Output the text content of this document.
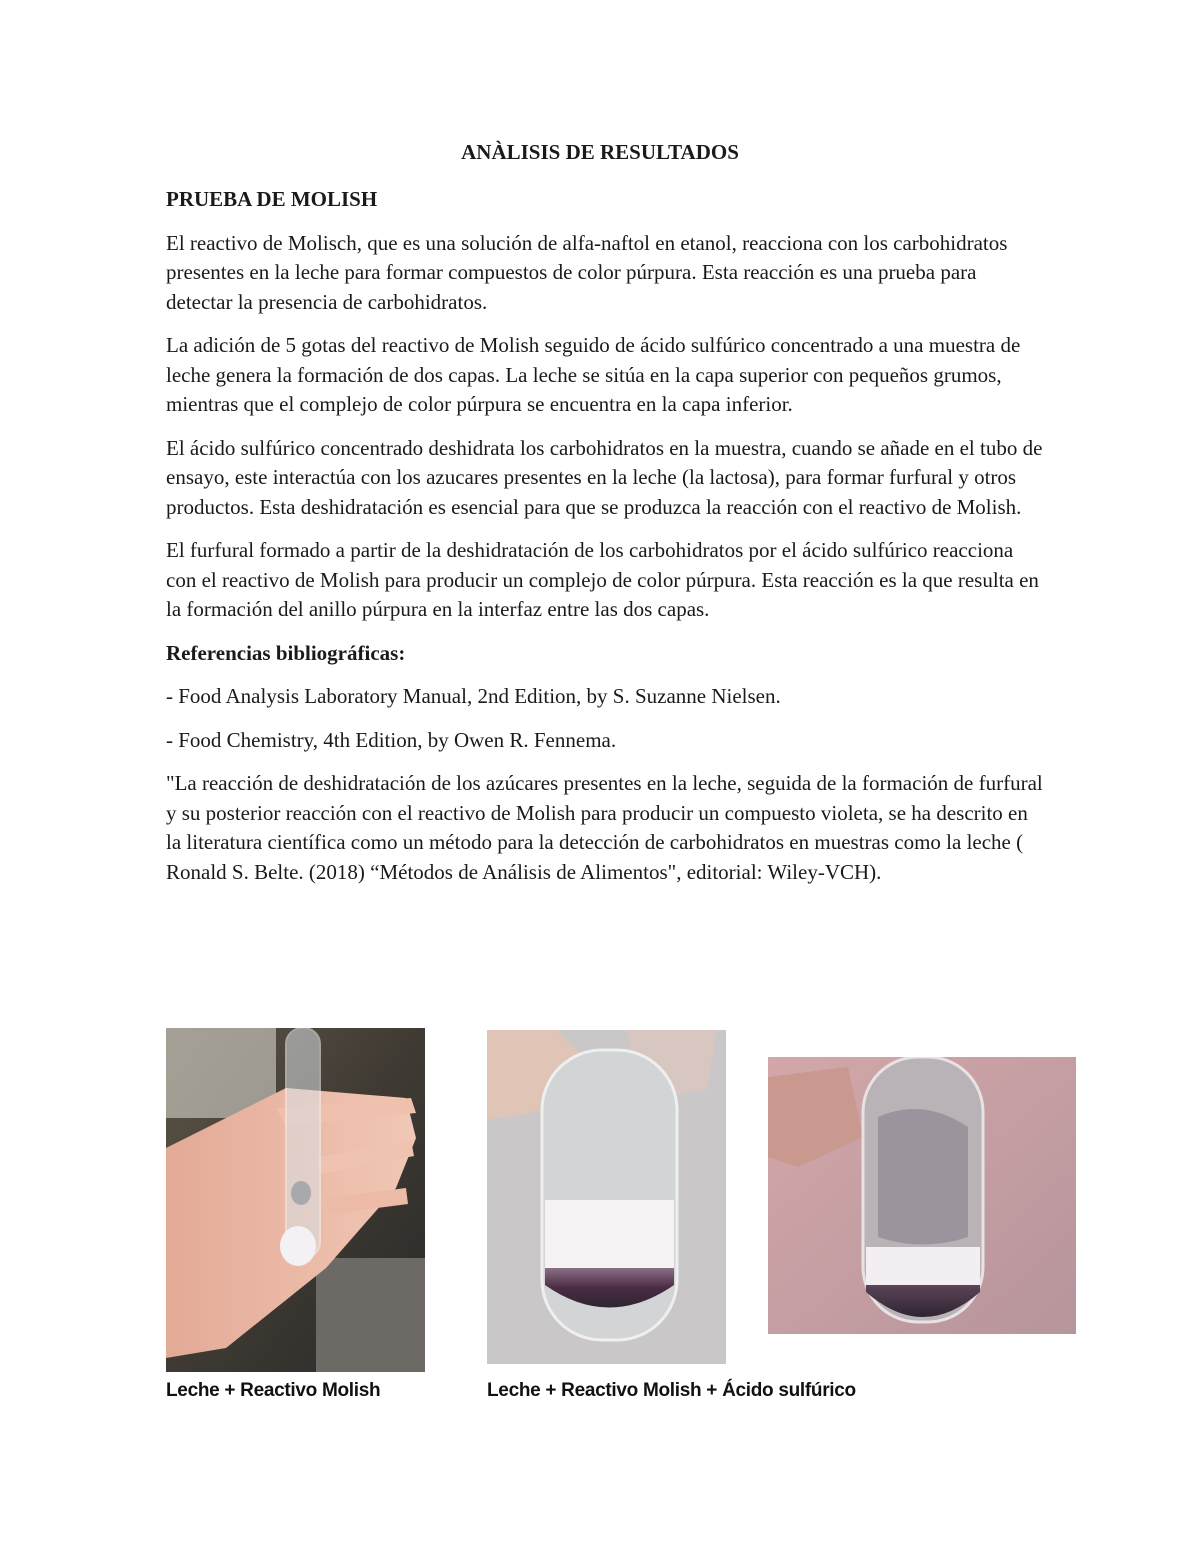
ANÀLISIS DE RESULTADOS

PRUEBA DE MOLISH

El reactivo de Molisch, que es una solución de alfa-naftol en etanol, reacciona con los carbohidratos presentes en la leche para formar compuestos de color púrpura. Esta reacción es una prueba para detectar la presencia de carbohidratos.

La adición de 5 gotas del reactivo de Molish seguido de ácido sulfúrico concentrado a una muestra de leche genera la formación de dos capas. La leche se sitúa en la capa superior con pequeños grumos, mientras que el complejo de color púrpura se encuentra en la capa inferior.

El ácido sulfúrico concentrado deshidrata los carbohidratos en la muestra, cuando se añade en el tubo de ensayo, este interactúa con los azucares presentes en la leche (la lactosa), para formar furfural y otros productos. Esta deshidratación es esencial para que se produzca la reacción con el reactivo de Molish.

El furfural formado a partir de la deshidratación de los carbohidratos por el ácido sulfúrico reacciona con el reactivo de Molish para producir un complejo de color púrpura. Esta reacción es la que resulta en la formación del anillo púrpura en la interfaz entre las dos capas.

Referencias bibliográficas:

- Food Analysis Laboratory Manual, 2nd Edition, by S. Suzanne Nielsen.

- Food Chemistry, 4th Edition, by Owen R. Fennema.

"La reacción de deshidratación de los azúcares presentes en la leche, seguida de la formación de furfural y su posterior reacción con el reactivo de Molish para producir un compuesto violeta, se ha descrito en la literatura científica como un método para la detección de carbohidratos en muestras como la leche ( Ronald S. Belte. (2018) “Métodos de Análisis de Alimentos", editorial: Wiley-VCH).

Leche + Reactivo Molish	Leche + Reactivo Molish + Ácido sulfúrico
